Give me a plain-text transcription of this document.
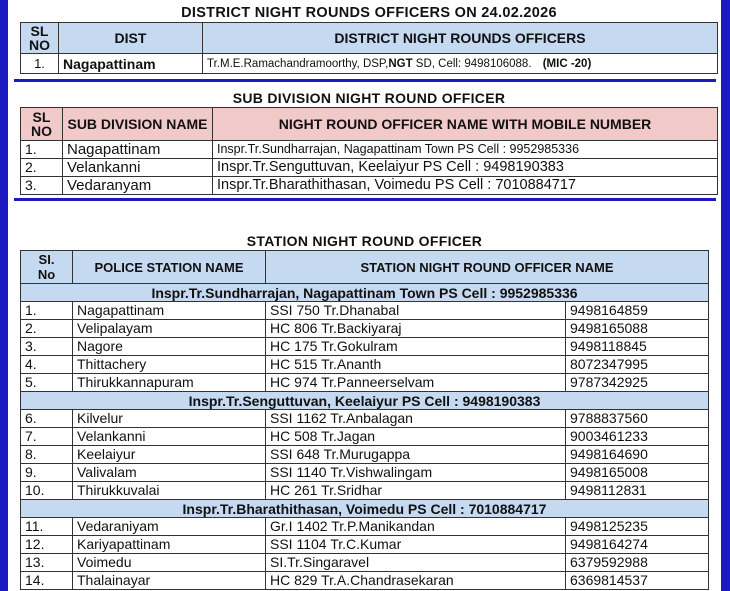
DISTRICT NIGHT ROUNDS OFFICERS ON 24.02.2026
SL NO	DIST	DISTRICT NIGHT ROUNDS OFFICERS
1.	Nagapattinam	Tr.M.E.Ramachandramoorthy, DSP,NGT SD, Cell: 9498106088. (MIC -20)
SUB DIVISION NIGHT ROUND OFFICER
SL NO	SUB DIVISION NAME	NIGHT ROUND OFFICER NAME WITH MOBILE NUMBER
1.	Nagapattinam	Inspr.Tr.Sundharrajan, Nagapattinam Town PS Cell : 9952985336
2.	Velankanni	Inspr.Tr.Senguttuvan, Keelaiyur PS Cell : 9498190383
3.	Vedaranyam	Inspr.Tr.Bharathithasan, Voimedu PS Cell : 7010884717
STATION NIGHT ROUND OFFICER
SI. No	POLICE STATION NAME	STATION NIGHT ROUND OFFICER NAME	
Inspr.Tr.Sundharrajan, Nagapattinam Town PS Cell : 9952985336			
1.	Nagapattinam	SSI 750 Tr.Dhanabal	9498164859
2.	Velipalayam	HC 806 Tr.Backiyaraj	9498165088
3.	Nagore	HC 175 Tr.Gokulram	9498118845
4.	Thittachery	HC 515 Tr.Ananth	8072347995
5.	Thirukkannapuram	HC 974 Tr.Panneerselvam	9787342925
Inspr.Tr.Senguttuvan, Keelaiyur PS Cell : 9498190383			
6.	Kilvelur	SSI 1162 Tr.Anbalagan	9788837560
7.	Velankanni	HC 508 Tr.Jagan	9003461233
8.	Keelaiyur	SSI 648 Tr.Murugappa	9498164690
9.	Valivalam	SSI 1140 Tr.Vishwalingam	9498165008
10.	Thirukkuvalai	HC 261 Tr.Sridhar	9498112831
Inspr.Tr.Bharathithasan, Voimedu PS Cell : 7010884717			
11.	Vedaraniyam	Gr.I 1402 Tr.P.Manikandan	9498125235
12.	Kariyapattinam	SSI 1104 Tr.C.Kumar	9498164274
13.	Voimedu	SI.Tr.Singaravel	6379592988
14.	Thalainayar	HC 829 Tr.A.Chandrasekaran	6369814537
